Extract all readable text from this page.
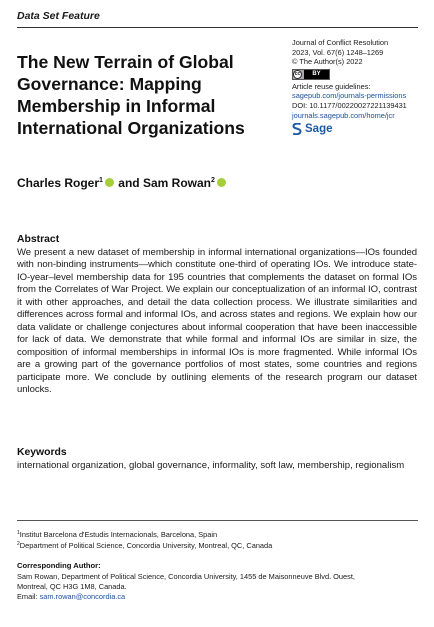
Data Set Feature
The New Terrain of Global Governance: Mapping Membership in Informal International Organizations
Journal of Conflict Resolution
2023, Vol. 67(6) 1248–1269
© The Author(s) 2022
cc	BY
Article reuse guidelines:
sagepub.com/journals-permissions
DOI: 10.1177/00220027221139431
journals.sagepub.com/home/jcr
Sage
Charles Roger$^1$ and Sam Rowan$^2$
Abstract

We present a new dataset of membership in informal international organizations—IOs founded with non-binding instruments—which constitute one-third of operating IOs. We introduce state-IO-year–level membership data for 195 countries that complements the dataset on formal IOs from the Correlates of War Project. We explain our conceptualization of an informal IO, contrast it with other approaches, and detail the data collection process. We illustrate similarities and differences across formal and informal IOs, and across states and regions. We explain how our data validate or challenge conjectures about informal cooperation that have been inaccessible for lack of data. We demonstrate that while formal and informal IOs are similar in size, the composition of informal memberships in informal IOs is more fragmented. While informal IOs are a growing part of the governance portfolios of most states, some countries and regions participate more. We conclude by outlining elements of the research program our dataset unlocks.

Keywords

international organization, global governance, informality, soft law, membership, regionalism

$^1$Institut Barcelona d'Estudis Internacionals, Barcelona, Spain
$^2$Department of Political Science, Concordia University, Montreal, QC, Canada
Corresponding Author:
Sam Rowan, Department of Political Science, Concordia University, 1455 de Maisonneuve Blvd. Ouest,
Montreal, QC H3G 1M8, Canada.
Email: sam.rowan@concordia.ca
